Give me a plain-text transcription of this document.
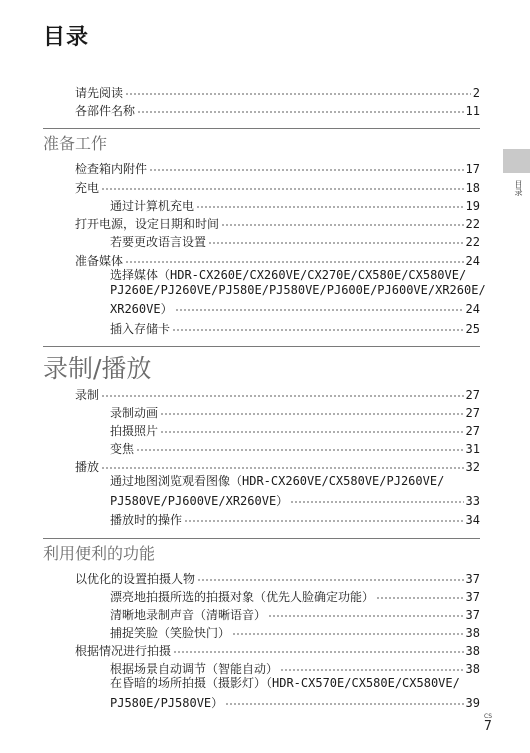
目录
目录
请先阅读	2
各部件名称	11
准备工作
检查箱内附件	17
充电	18
通过计算机充电	19
打开电源，设定日期和时间	22
若要更改语言设置	22
准备媒体	24
选择媒体（HDR-CX260E/CX260VE/CX270E/CX580E/CX580VE/
PJ260E/PJ260VE/PJ580E/PJ580VE/PJ600E/PJ600VE/XR260E/
XR260VE）	24
插入存储卡	25
录制/播放
录制	27
录制动画	27
拍摄照片	27
变焦	31
播放	32
通过地图浏览观看图像（HDR-CX260VE/CX580VE/PJ260VE/
PJ580VE/PJ600VE/XR260VE）	33
播放时的操作	34
利用便利的功能
以优化的设置拍摄人物	37
漂亮地拍摄所选的拍摄对象（优先人脸确定功能）	37
清晰地录制声音（清晰语音）	37
捕捉笑脸（笑脸快门）	38
根据情况进行拍摄	38
根据场景自动调节（智能自动）	38
在昏暗的场所拍摄（摄影灯）（HDR-CX570E/CX580E/CX580VE/
PJ580E/PJ580VE）	39
CS
7
